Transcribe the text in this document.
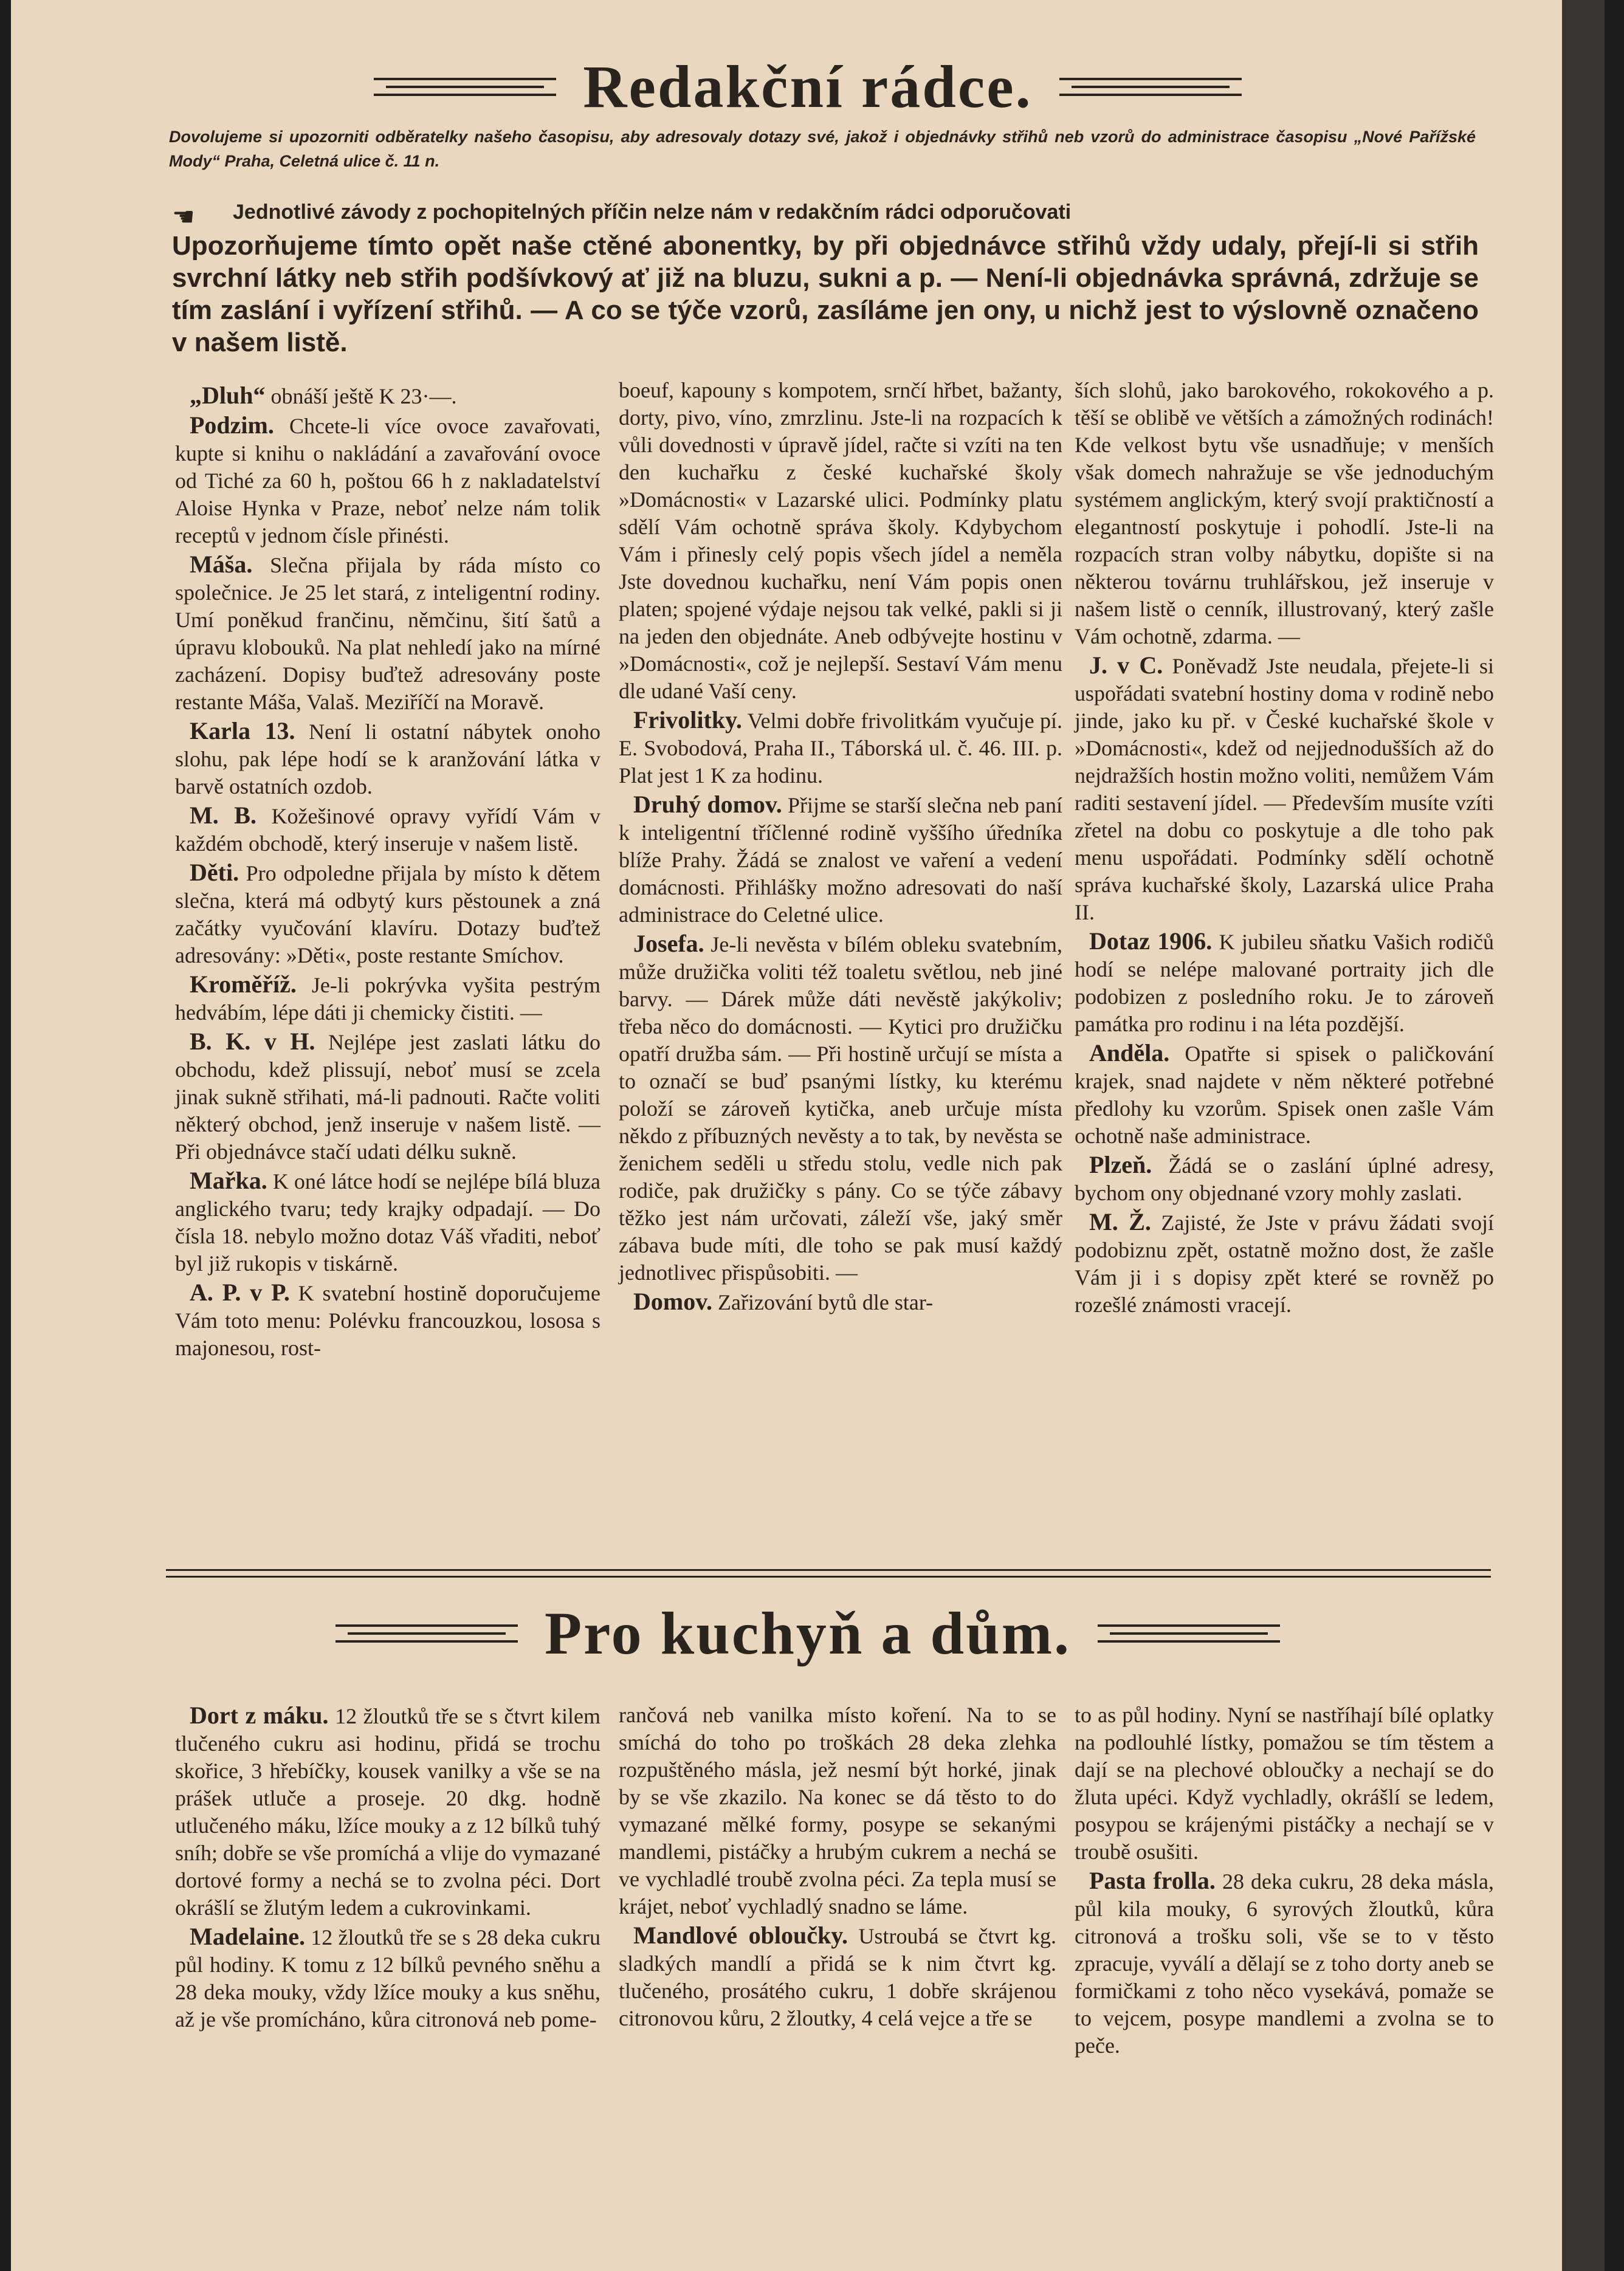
Redakční rádce.
Dovolujeme si upozorniti odběratelky našeho časopisu, aby adresovaly dotazy své, jakož i objednávky střihů neb vzorů do administrace časopisu „Nové Pařížské Mody“ Praha, Celetná ulice č. 11 n.
☚ Jednotlivé závody z pochopitelných příčin nelze nám v redakčním rádci odporučovati
Upozorňujeme tímto opět naše ctěné abonentky, by při objednávce střihů vždy udaly, přejí-li si střih svrchní látky neb střih podšívkový ať již na bluzu, sukni a p. — Není-li objednávka správná, zdržuje se tím zaslání i vyřízení střihů. — A co se týče vzorů, zasíláme jen ony, u nichž jest to výslovně označeno v našem listě.

„Dluh“ obnáší ještě K 23·—.

Podzim. Chcete-li více ovoce zavařovati, kupte si knihu o nakládání a zavařování ovoce od Tiché za 60 h, poštou 66 h z nakladatelství Aloise Hynka v Praze, neboť nelze nám tolik receptů v jednom čísle přinésti.

Máša. Slečna přijala by ráda místo co společnice. Je 25 let stará, z inteligentní rodiny. Umí poněkud frančinu, němčinu, šití šatů a úpravu klobouků. Na plat nehledí jako na mírné zacházení. Dopisy buďtež adresovány poste restante Máša, Valaš. Meziříčí na Moravě.

Karla 13. Není li ostatní nábytek onoho slohu, pak lépe hodí se k aranžování látka v barvě ostatních ozdob.

M. B. Kožešinové opravy vyřídí Vám v každém obchodě, který inseruje v našem listě.

Děti. Pro odpoledne přijala by místo k dětem slečna, která má odbytý kurs pěstounek a zná začátky vyučování klavíru. Dotazy buďtež adresovány: »Děti«, poste restante Smíchov.

Kroměříž. Je-li pokrývka vyšita pestrým hedvábím, lépe dáti ji chemicky čistiti. —

B. K. v H. Nejlépe jest zaslati látku do obchodu, kdež plissují, neboť musí se zcela jinak sukně střihati, má-li padnouti. Račte voliti některý obchod, jenž inseruje v našem listě. — Při objednávce stačí udati délku sukně.

Mařka. K oné látce hodí se nejlépe bílá bluza anglického tvaru; tedy krajky odpadají. — Do čísla 18. nebylo možno dotaz Váš vřaditi, neboť byl již rukopis v tiskárně.

A. P. v P. K svatební hostině doporučujeme Vám toto menu: Polévku francouzkou, lososa s majonesou, rost-

boeuf, kapouny s kompotem, srnčí hřbet, bažanty, dorty, pivo, víno, zmrzlinu. Jste-li na rozpacích k vůli dovednosti v úpravě jídel, račte si vzíti na ten den kuchařku z české kuchařské školy »Domácnosti« v Lazarské ulici. Podmínky platu sdělí Vám ochotně správa školy. Kdybychom Vám i přinesly celý popis všech jídel a neměla Jste dovednou kuchařku, není Vám popis onen platen; spojené výdaje nejsou tak velké, pakli si ji na jeden den objednáte. Aneb odbývejte hostinu v »Domácnosti«, což je nejlepší. Sestaví Vám menu dle udané Vaší ceny.

Frivolitky. Velmi dobře frivolitkám vyučuje pí. E. Svobodová, Praha II., Táborská ul. č. 46. III. p. Plat jest 1 K za hodinu.

Druhý domov. Přijme se starší slečna neb paní k inteligentní tříčlenné rodině vyššího úředníka blíže Prahy. Žádá se znalost ve vaření a vedení domácnosti. Přihlášky možno adresovati do naší administrace do Celetné ulice.

Josefa. Je-li nevěsta v bílém obleku svatebním, může družička voliti též toaletu světlou, neb jiné barvy. — Dárek může dáti nevěstě jakýkoliv; třeba něco do domácnosti. — Kytici pro družičku opatří družba sám. — Při hostině určují se místa a to označí se buď psanými lístky, ku kterému položí se zároveň kytička, aneb určuje místa někdo z příbuzných nevěsty a to tak, by nevěsta se ženichem seděli u středu stolu, vedle nich pak rodiče, pak družičky s pány. Co se týče zábavy těžko jest nám určovati, záleží vše, jaký směr zábava bude míti, dle toho se pak musí každý jednotlivec přispůsobiti. —

Domov. Zařizování bytů dle star-

ších slohů, jako barokového, rokokového a p. těší se oblibě ve větších a zámožných rodinách! Kde velkost bytu vše usnadňuje; v menších však domech nahražuje se vše jednoduchým systémem anglickým, který svojí praktičností a elegantností poskytuje i pohodlí. Jste-li na rozpacích stran volby nábytku, dopište si na některou továrnu truhlářskou, jež inseruje v našem listě o cenník, illustrovaný, který zašle Vám ochotně, zdarma. —

J. v C. Poněvadž Jste neudala, přejete-li si uspořádati svatební hostiny doma v rodině nebo jinde, jako ku př. v České kuchařské škole v »Domácnosti«, kdež od nejjednodušších až do nejdražších hostin možno voliti, nemůžem Vám raditi sestavení jídel. — Především musíte vzíti zřetel na dobu co poskytuje a dle toho pak menu uspořádati. Podmínky sdělí ochotně správa kuchařské školy, Lazarská ulice Praha II.

Dotaz 1906. K jubileu sňatku Vašich rodičů hodí se nelépe malované portraity jich dle podobizen z posledního roku. Je to zároveň památka pro rodinu i na léta pozdější.

Anděla. Opatřte si spisek o paličkování krajek, snad najdete v něm některé potřebné předlohy ku vzorům. Spisek onen zašle Vám ochotně naše administrace.

Plzeň. Žádá se o zaslání úplné adresy, bychom ony objednané vzory mohly zaslati.

M. Ž. Zajisté, že Jste v právu žádati svojí podobiznu zpět, ostatně možno dost, že zašle Vám ji i s dopisy zpět které se rovněž po rozešlé známosti vracejí.

Pro kuchyň a dům.

Dort z máku. 12 žloutků tře se s čtvrt kilem tlučeného cukru asi hodinu, přidá se trochu skořice, 3 hřebíčky, kousek vanilky a vše se na prášek utluče a proseje. 20 dkg. hodně utlučeného máku, lžíce mouky a z 12 bílků tuhý sníh; dobře se vše promíchá a vlije do vymazané dortové formy a nechá se to zvolna péci. Dort okrášlí se žlutým ledem a cukrovinkami.

Madelaine. 12 žloutků tře se s 28 deka cukru půl hodiny. K tomu z 12 bílků pevného sněhu a 28 deka mouky, vždy lžíce mouky a kus sněhu, až je vše promícháno, kůra citronová neb pome-

rančová neb vanilka místo koření. Na to se smíchá do toho po troškách 28 deka zlehka rozpuštěného másla, jež nesmí být horké, jinak by se vše zkazilo. Na konec se dá těsto to do vymazané mělké formy, posype se sekanými mandlemi, pistáčky a hrubým cukrem a nechá se ve vychladlé troubě zvolna péci. Za tepla musí se krájet, neboť vychladlý snadno se láme.

Mandlové obloučky. Ustroubá se čtvrt kg. sladkých mandlí a přidá se k nim čtvrt kg. tlučeného, prosátého cukru, 1 dobře skrájenou citronovou kůru, 2 žloutky, 4 celá vejce a tře se

to as půl hodiny. Nyní se nastříhají bílé oplatky na podlouhlé lístky, pomažou se tím těstem a dají se na plechové obloučky a nechají se do žluta upéci. Když vychladly, okrášlí se ledem, posypou se krájenými pistáčky a nechají se v troubě osušiti.

Pasta frolla. 28 deka cukru, 28 deka másla, půl kila mouky, 6 syrových žloutků, kůra citronová a trošku soli, vše se to v těsto zpracuje, vyválí a dělají se z toho dorty aneb se formičkami z toho něco vysekává, pomaže se to vejcem, posype mandlemi a zvolna se to peče.
